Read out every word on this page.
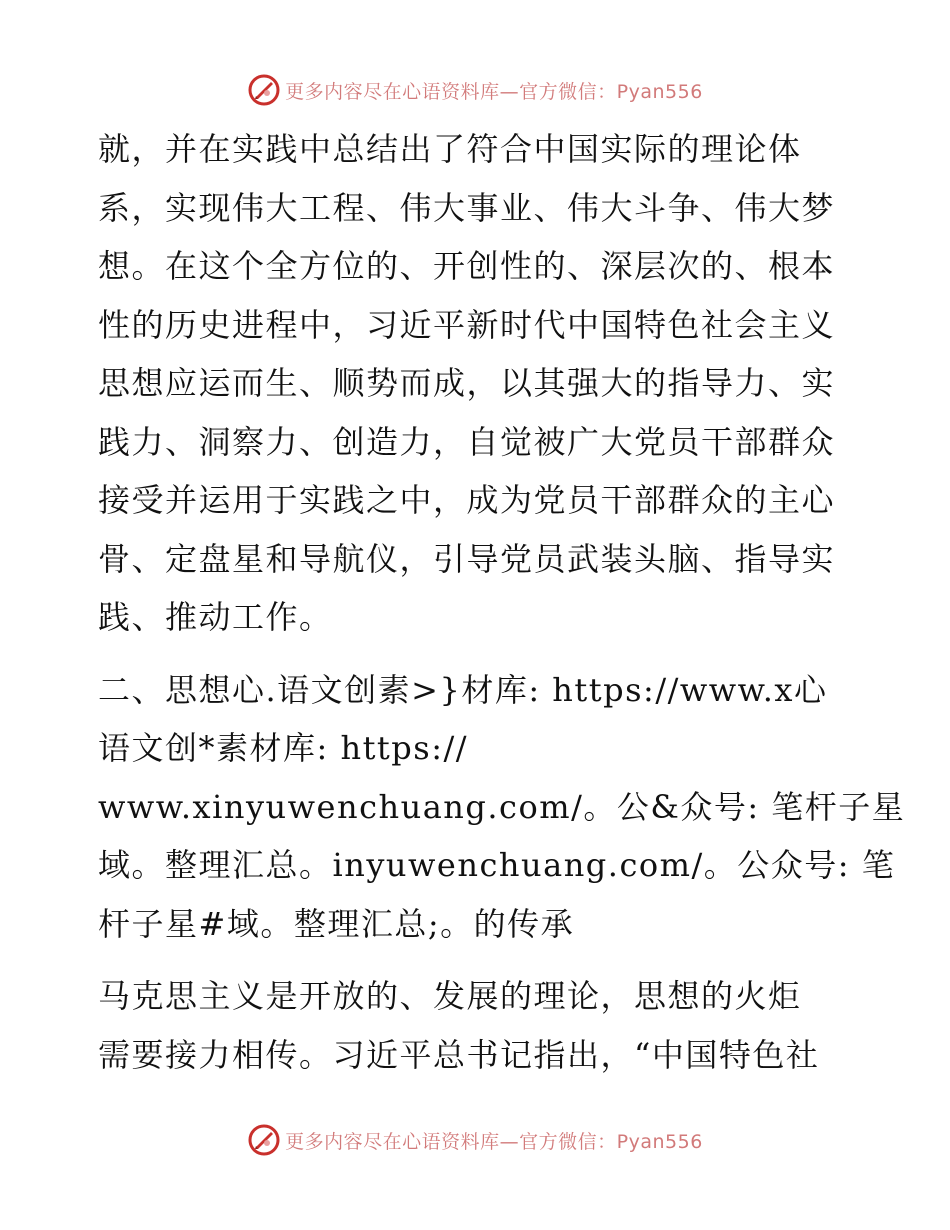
更多内容尽在心语资料库—官方微信：Pyan556

就，并在实践中总结出了符合中国实际的理论体
系，实现伟大工程、伟大事业、伟大斗争、伟大梦
想。在这个全方位的、开创性的、深层次的、根本
性的历史进程中，习近平新时代中国特色社会主义
思想应运而生、顺势而成，以其强大的指导力、实
践力、洞察力、创造力，自觉被广大党员干部群众
接受并运用于实践之中，成为党员干部群众的主心
骨、定盘星和导航仪，引导党员武装头脑、指导实
践、推动工作。

二、思想心.语文创素>}材库: https://www.x心
语文创*素材库: https://
www.xinyuwenchuang.com/。公&众号: 笔杆子星
域。整理汇总。inyuwenchuang.com/。公众号: 笔
杆子星#域。整理汇总;。的传承

马克思主义是开放的、发展的理论，思想的火炬
需要接力相传。习近平总书记指出，“中国特色社

更多内容尽在心语资料库—官方微信：Pyan556
